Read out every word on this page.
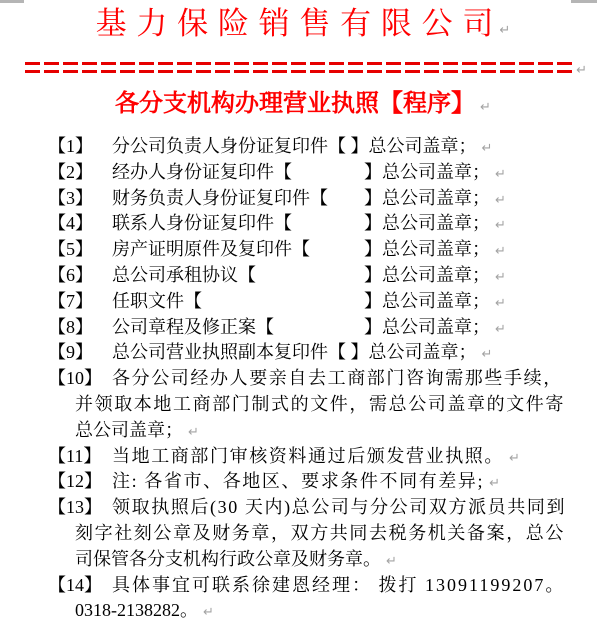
基 力 保 险 销 售 有 限 公 司 ↵
↵
各分支机构办理营业执照【程序】 ↵
【1】	分公司负责人身份证复印件【 】总公司盖章； ↵
【2】	经办人身份证复印件【　　　　】总公司盖章； ↵
【3】	财务负责人身份证复印件【　　】总公司盖章； ↵
【4】	联系人身份证复印件【　　　　】总公司盖章； ↵
【5】	房产证明原件及复印件【　　　】总公司盖章； ↵
【6】	总公司承租协议【　　　　　　】总公司盖章； ↵
【7】	任职文件【　　　　　　　　　】总公司盖章； ↵
【8】	公司章程及修正案【　　　　　】总公司盖章； ↵
【9】	总公司营业执照副本复印件【 】总公司盖章； ↵
【10】 各分公司经办人要亲自去工商部门咨询需那些手续，
并领取本地工商部门制式的文件，需总公司盖章的文件寄
总公司盖章； ↵
【11】 当地工商部门审核资料通过后颁发营业执照。 ↵
【12】 注: 各省市、各地区、要求条件不同有差异; ↵
【13】 领取执照后(30 天内)总公司与分公司双方派员共同到
刻字社刻公章及财务章，双方共同去税务机关备案，总公
司保管各分支机构行政公章及财务章。 ↵
【14】 具体事宜可联系徐建恩经理： 拨打 13091199207。
0318-2138282。 ↵
